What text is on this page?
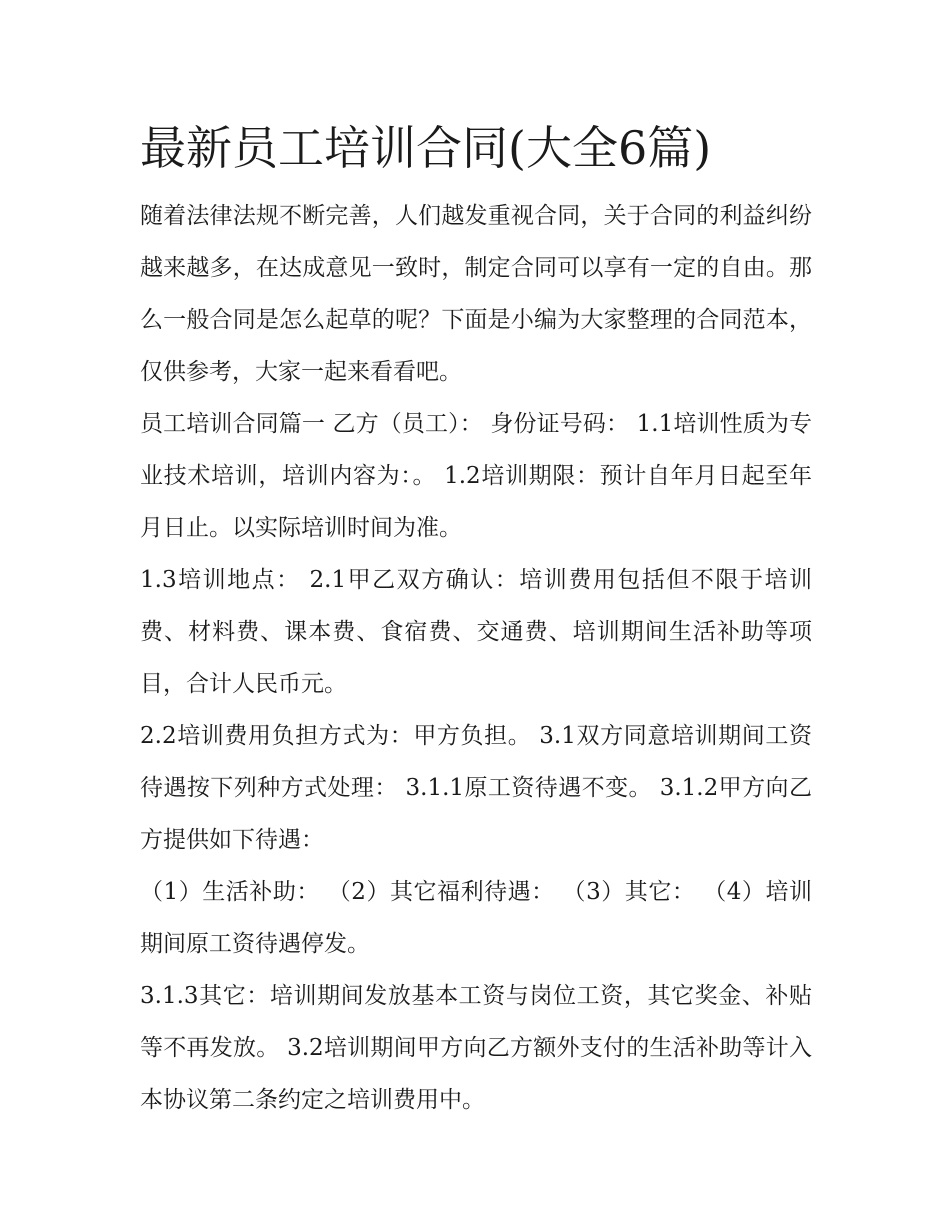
最新员工培训合同(大全6篇)

随着法律法规不断完善，人们越发重视合同，关于合同的利益纠纷越来越多，在达成意见一致时，制定合同可以享有一定的自由。那么一般合同是怎么起草的呢？下面是小编为大家整理的合同范本，仅供参考，大家一起来看看吧。

员工培训合同篇一 乙方（员工）： 身份证号码： 1.1培训性质为专业技术培训，培训内容为：。 1.2培训期限：预计自年月日起至年月日止。以实际培训时间为准。

1.3培训地点： 2.1甲乙双方确认：培训费用包括但不限于培训费、材料费、课本费、食宿费、交通费、培训期间生活补助等项目，合计人民币元。

2.2培训费用负担方式为：甲方负担。 3.1双方同意培训期间工资待遇按下列种方式处理： 3.1.1原工资待遇不变。 3.1.2甲方向乙方提供如下待遇：

（1）生活补助： （2）其它福利待遇： （3）其它： （4）培训期间原工资待遇停发。

3.1.3其它：培训期间发放基本工资与岗位工资，其它奖金、补贴等不再发放。 3.2培训期间甲方向乙方额外支付的生活补助等计入本协议第二条约定之培训费用中。
